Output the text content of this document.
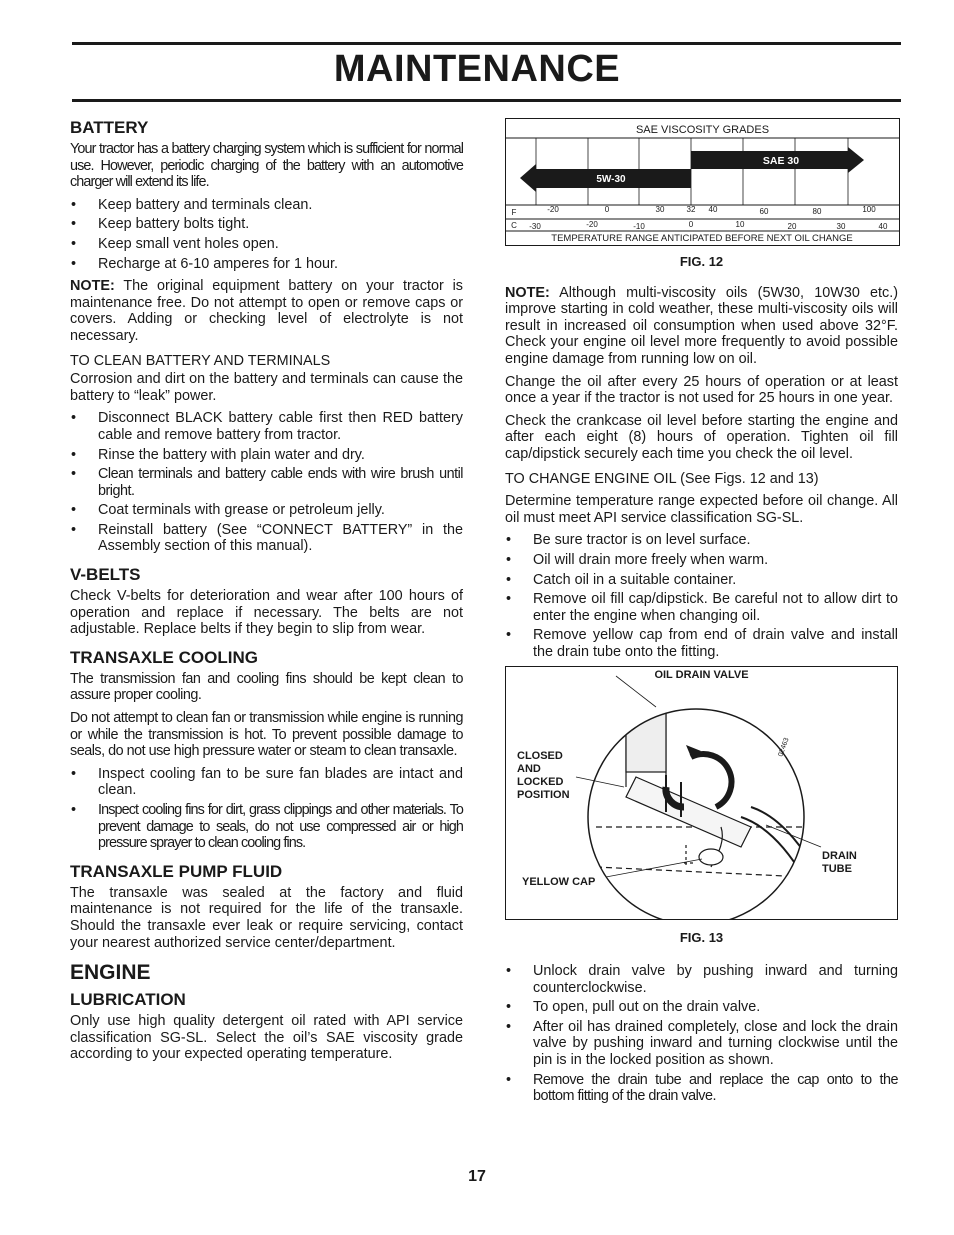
MAINTENANCE
BATTERY

Your tractor has a battery charging system which is sufficient for normal use. However, periodic charging of the battery with an automotive charger will extend its life.

• Keep battery and terminals clean.
• Keep battery bolts tight.
• Keep small vent holes open.
• Recharge at 6-10 amperes for 1 hour.

NOTE: The original equipment battery on your tractor is maintenance free. Do not attempt to open or remove caps or covers. Adding or checking level of electrolyte is not necessary.

TO CLEAN BATTERY AND TERMINALS

Corrosion and dirt on the battery and terminals can cause the battery to “leak” power.

• Disconnect BLACK battery cable first then RED battery cable and remove battery from tractor.
• Rinse the battery with plain water and dry.
• Clean terminals and battery cable ends with wire brush until bright.
• Coat terminals with grease or petroleum jelly.
• Reinstall battery (See “CONNECT BATTERY” in the Assembly section of this manual).
V-BELTS

Check V-belts for deterioration and wear after 100 hours of operation and replace if necessary. The belts are not adjustable. Replace belts if they begin to slip from wear.

TRANSAXLE COOLING

The transmission fan and cooling fins should be kept clean to assure proper cooling.

Do not attempt to clean fan or transmission while engine is running or while the transmission is hot. To prevent possible damage to seals, do not use high pressure water or steam to clean transaxle.

• Inspect cooling fan to be sure fan blades are intact and clean.
• Inspect cooling fins for dirt, grass clippings and other materials. To prevent damage to seals, do not use compressed air or high pressure sprayer to clean cooling fins.
TRANSAXLE PUMP FLUID

The transaxle was sealed at the factory and fluid maintenance is not required for the life of the transaxle. Should the transaxle ever leak or require servicing, contact your nearest authorized service center/department.

ENGINE
LUBRICATION

Only use high quality detergent oil rated with API service classification SG-SL. Select the oil’s SAE viscosity grade according to your expected operating temperature.

SAE VISCOSITY GRADES
SAE 30
5W-30
F	-20	0	30	32 40	60	80	100
C -30	-20	-10	0	10	20	30	40
TEMPERATURE RANGE ANTICIPATED BEFORE NEXT OIL CHANGE
FIG. 12

NOTE: Although multi-viscosity oils (5W30, 10W30 etc.) improve starting in cold weather, these multi-viscosity oils will result in increased oil consumption when used above 32°F. Check your engine oil level more frequently to avoid possible engine damage from running low on oil.

Change the oil after every 25 hours of operation or at least once a year if the tractor is not used for 25 hours in one year.

Check the crankcase oil level before starting the engine and after each eight (8) hours of operation. Tighten oil fill cap/dipstick securely each time you check the oil level.

TO CHANGE ENGINE OIL (See Figs. 12 and 13)

Determine temperature range expected before oil change. All oil must meet API service classification SG-SL.

• Be sure tractor is on level surface.
• Oil will drain more freely when warm.
• Catch oil in a suitable container.
• Remove oil fill cap/dipstick. Be careful not to allow dirt to enter the engine when changing oil.
• Remove yellow cap from end of drain valve and install the drain tube onto the fitting.
02463
OIL DRAIN VALVE
CLOSED
AND
LOCKED
POSITION
YELLOW CAP
DRAIN
TUBE
FIG. 13
• Unlock drain valve by pushing inward and turning counterclockwise.
• To open, pull out on the drain valve.
• After oil has drained completely, close and lock the drain valve by pushing inward and turning clockwise until the pin is in the locked position as shown.
• Remove the drain tube and replace the cap onto to the bottom fitting of the drain valve.
17
